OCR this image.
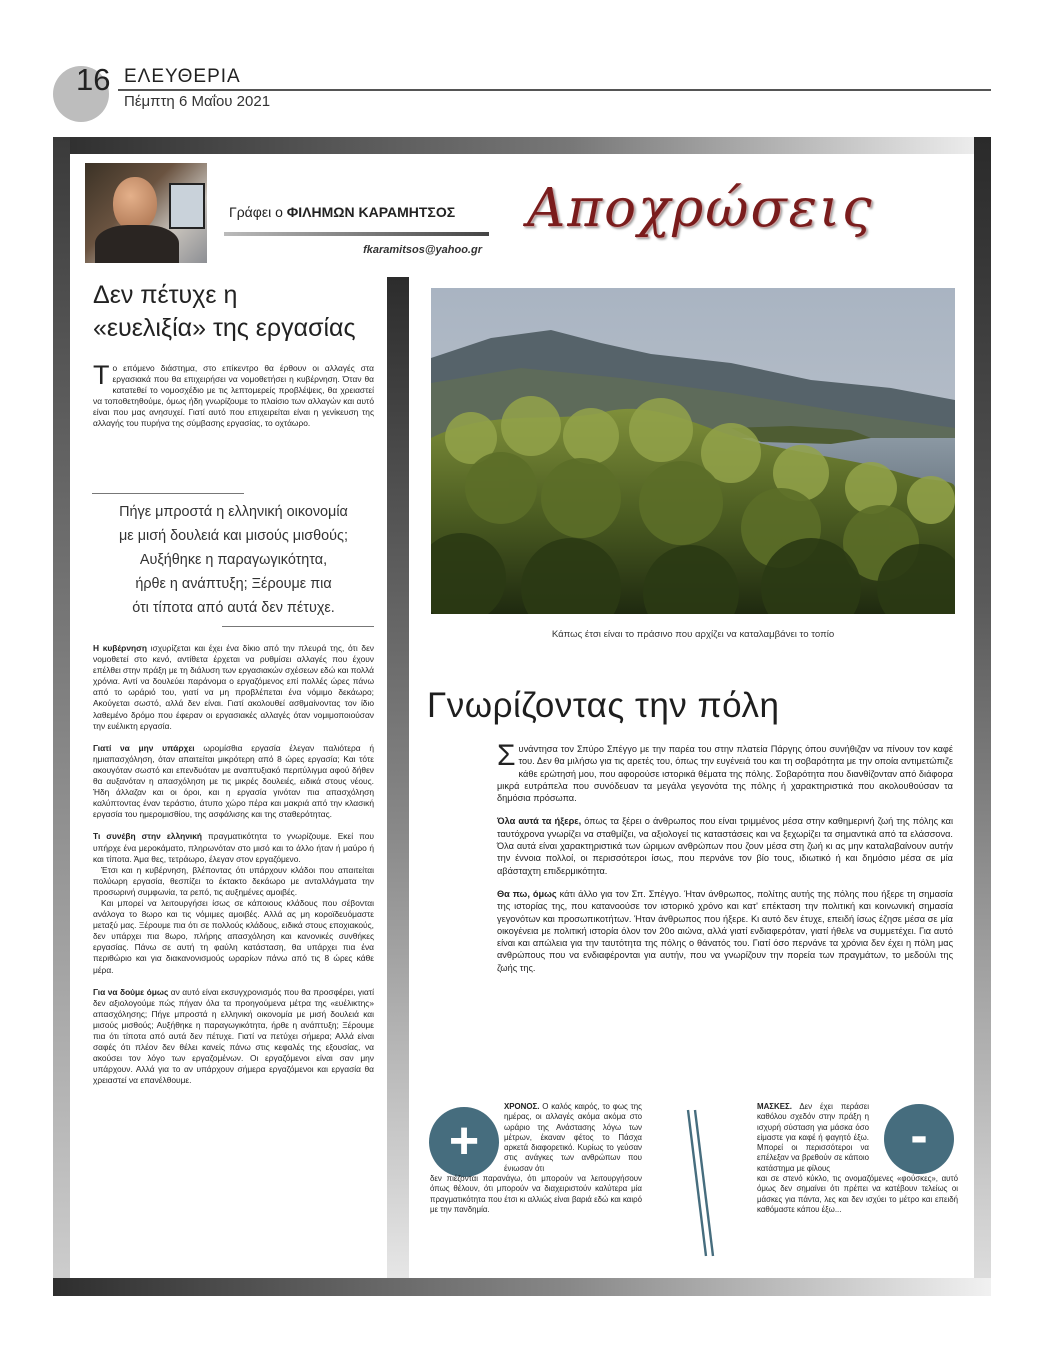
16 ΕΛΕΥΘΕΡΙΑ
Πέμπτη 6 Μαΐου 2021
Γράφει ο ΦΙΛΗΜΩΝ ΚΑΡΑΜΗΤΣΟΣ
fkaramitsos@yahoo.gr
Αποχρώσεις
Δεν πέτυχε η
«ευελιξία» της εργασίας
Το επόμενο διάστημα, στο επίκεντρο θα έρθουν οι αλλαγές στα εργασιακά που θα επιχειρήσει να νομοθετήσει η κυβέρνηση. Όταν θα κατατεθεί το νομοσχέδιο με τις λεπτομερείς προβλέψεις, θα χρειαστεί να τοποθετηθούμε, όμως ήδη γνωρίζουμε το πλαίσιο των αλλαγών και αυτό είναι που μας ανησυχεί. Γιατί αυτό που επιχειρείται είναι η γενίκευση της αλλαγής του πυρήνα της σύμβασης εργασίας, το οχτάωρο.
Πήγε μπροστά η ελληνική οικονομία
με μισή δουλειά και μισούς μισθούς;
Αυξήθηκε η παραγωγικότητα,
ήρθε η ανάπτυξη; Ξέρουμε πια
ότι τίποτα από αυτά δεν πέτυχε.

Η κυβέρνηση ισχυρίζεται και έχει ένα δίκιο από την πλευρά της, ότι δεν νομοθετεί στο κενό, αντίθετα έρχεται να ρυθμίσει αλλαγές που έχουν επέλθει στην πράξη με τη διάλυση των εργασιακών σχέσεων εδώ και πολλά χρόνια. Αντί να δουλεύει παράνομα ο εργαζόμενος επί πολλές ώρες πάνω από το ωράριό του, γιατί να μη προβλέπεται ένα νόμιμο δεκάωρο; Ακούγεται σωστό, αλλά δεν είναι. Γιατί ακολουθεί ασθμαίνοντας τον ίδιο λαθεμένο δρόμο που έφεραν οι εργασιακές αλλαγές όταν νομιμοποιούσαν την ευέλικτη εργασία.

Γιατί να μην υπάρχει ωρομίσθια εργασία έλεγαν παλιότερα ή ημιαπασχόληση, όταν απαιτείται μικρότερη από 8 ώρες εργασία; Και τότε ακουγόταν σωστό και επενδυόταν με αναπτυξιακό περιτύλιγμα αφού δήθεν θα αυξανόταν η απασχόληση με τις μικρές δουλειές, ειδικά στους νέους. Ήδη άλλαζαν και οι όροι, και η εργασία γινόταν πια απασχόληση καλύπτοντας έναν τεράστιο, άτυπο χώρο πέρα και μακριά από την κλασική εργασία του ημερομισθίου, της ασφάλισης και της σταθερότητας.

Τι συνέβη στην ελληνική πραγματικότητα το γνωρίζουμε. Εκεί που υπήρχε ένα μεροκάματο, πληρωνόταν στο μισό και το άλλο ήταν ή μαύρο ή και τίποτα. Άμα θες, τετράωρο, έλεγαν στον εργαζόμενο.

Έτσι και η κυβέρνηση, βλέποντας ότι υπάρχουν κλάδοι που απαιτείται πολύωρη εργασία, θεσπίζει το έκτακτο δεκάωρο με ανταλλάγματα την προσωρινή συμφωνία, τα ρεπό, τις αυξημένες αμοιβές.

Και μπορεί να λειτουργήσει ίσως σε κάποιους κλάδους που σέβονται ανάλογα το 8ωρο και τις νόμιμες αμοιβές. Αλλά ας μη κοροϊδευόμαστε μεταξύ μας. Ξέρουμε πια ότι σε πολλούς κλάδους, ειδικά στους εποχιακούς, δεν υπάρχει πια 8ωρο, πλήρης απασχόληση και κανονικές συνθήκες εργασίας. Πάνω σε αυτή τη φαύλη κατάσταση, θα υπάρχει πια ένα περιθώριο και για διακανονισμούς ωραρίων πάνω από τις 8 ώρες κάθε μέρα.

Για να δούμε όμως αν αυτό είναι εκσυγχρονισμός που θα προσφέρει, γιατί δεν αξιολογούμε πώς πήγαν όλα τα προηγούμενα μέτρα της «ευέλικτης» απασχόλησης; Πήγε μπροστά η ελληνική οικονομία με μισή δουλειά και μισούς μισθούς; Αυξήθηκε η παραγωγικότητα, ήρθε η ανάπτυξη; Ξέρουμε πια ότι τίποτα από αυτά δεν πέτυχε. Γιατί να πετύχει σήμερα; Αλλά είναι σαφές ότι πλέον δεν θέλει κανείς πάνω στις κεφαλές της εξουσίας, να ακούσει τον λόγο των εργαζομένων. Οι εργαζόμενοι είναι σαν μην υπάρχουν. Αλλά για το αν υπάρχουν σήμερα εργαζόμενοι και εργασία θα χρειαστεί να επανέλθουμε.

Κάπως έτσι είναι το πράσινο που αρχίζει να καταλαμβάνει το τοπίο
Γνωρίζοντας την πόλη

Συνάντησα τον Σπύρο Σπέγγο με την παρέα του στην πλατεία Πάργης όπου συνήθιζαν να πίνουν τον καφέ του. Δεν θα μιλήσω για τις αρετές του, όπως την ευγένειά του και τη σοβαρότητα με την οποία αντιμετώπιζε κάθε ερώτησή μου, που αφορούσε ιστορικά θέματα της πόλης. Σοβαρότητα που διανθίζονταν από διάφορα μικρά ευτράπελα που συνόδευαν τα μεγάλα γεγονότα της πόλης ή χαρακτηριστικά που ακολουθούσαν τα δημόσια πρόσωπα.

Όλα αυτά τα ήξερε, όπως τα ξέρει ο άνθρωπος που είναι τριμμένος μέσα στην καθημερινή ζωή της πόλης και ταυτόχρονα γνωρίζει να σταθμίζει, να αξιολογεί τις καταστάσεις και να ξεχωρίζει τα σημαντικά από τα ελάσσονα. Όλα αυτά είναι χαρακτηριστικά των ώριμων ανθρώπων που ζουν μέσα στη ζωή κι ας μην καταλαβαίνουν αυτήν την έννοια πολλοί, οι περισσότεροι ίσως, που περνάνε τον βίο τους, ιδιωτικό ή και δημόσιο μέσα σε μία αβάσταχτη επιδερμικότητα.

Θα πω, όμως κάτι άλλο για τον Σπ. Σπέγγο. Ήταν άνθρωπος, πολίτης αυτής της πόλης που ήξερε τη σημασία της ιστορίας της, που κατανοούσε τον ιστορικό χρόνο και κατ' επέκταση την πολιτική και κοινωνική σημασία γεγονότων και προσωπικοτήτων. Ήταν άνθρωπος που ήξερε. Κι αυτό δεν έτυχε, επειδή ίσως έζησε μέσα σε μία οικογένεια με πολιτική ιστορία όλον τον 20ο αιώνα, αλλά γιατί ενδιαφερόταν, γιατί ήθελε να συμμετέχει. Για αυτό είναι και απώλεια για την ταυτότητα της πόλης ο θάνατός του. Γιατί όσο περνάνε τα χρόνια δεν έχει η πόλη μας ανθρώπους που να ενδιαφέρονται για αυτήν, που να γνωρίζουν την πορεία των πραγμάτων, το μεδούλι της ζωής της.

+
ΧΡΟΝΟΣ. Ο καλός καιρός, το φως της ημέρας, οι αλλαγές ακόμα ακόμα στο ωράριο της Ανάστασης λόγω των μέτρων, έκαναν φέτος το Πάσχα αρκετά διαφορετικό. Κυρίως το γεύσαν στις ανάγκες των ανθρώπων που ένιωσαν ότι
δεν πιέζονται παρανάγω, ότι μπορούν να λειτουργήσουν όπως θέλουν, ότι μπορούν να διαχειριστούν καλύτερα μία πραγματικότητα που έτσι κι αλλιώς είναι βαριά εδώ και καιρό με την πανδημία.
-
ΜΑΣΚΕΣ. Δεν έχει περάσει καθόλου σχεδόν στην πράξη η ισχυρή σύσταση για μάσκα όσο είμαστε για καφέ ή φαγητό έξω. Μπορεί οι περισσότεροι να επέλεξαν να βρεθούν σε κάποιο κατάστημα με φίλους
και σε στενό κύκλο, τις ονομαζόμενες «φούσκες», αυτό όμως δεν σημαίνει ότι πρέπει να κατέβουν τελείως οι μάσκες για πάντα, λες και δεν ισχύει το μέτρο και επειδή καθόμαστε κάπου έξω...
